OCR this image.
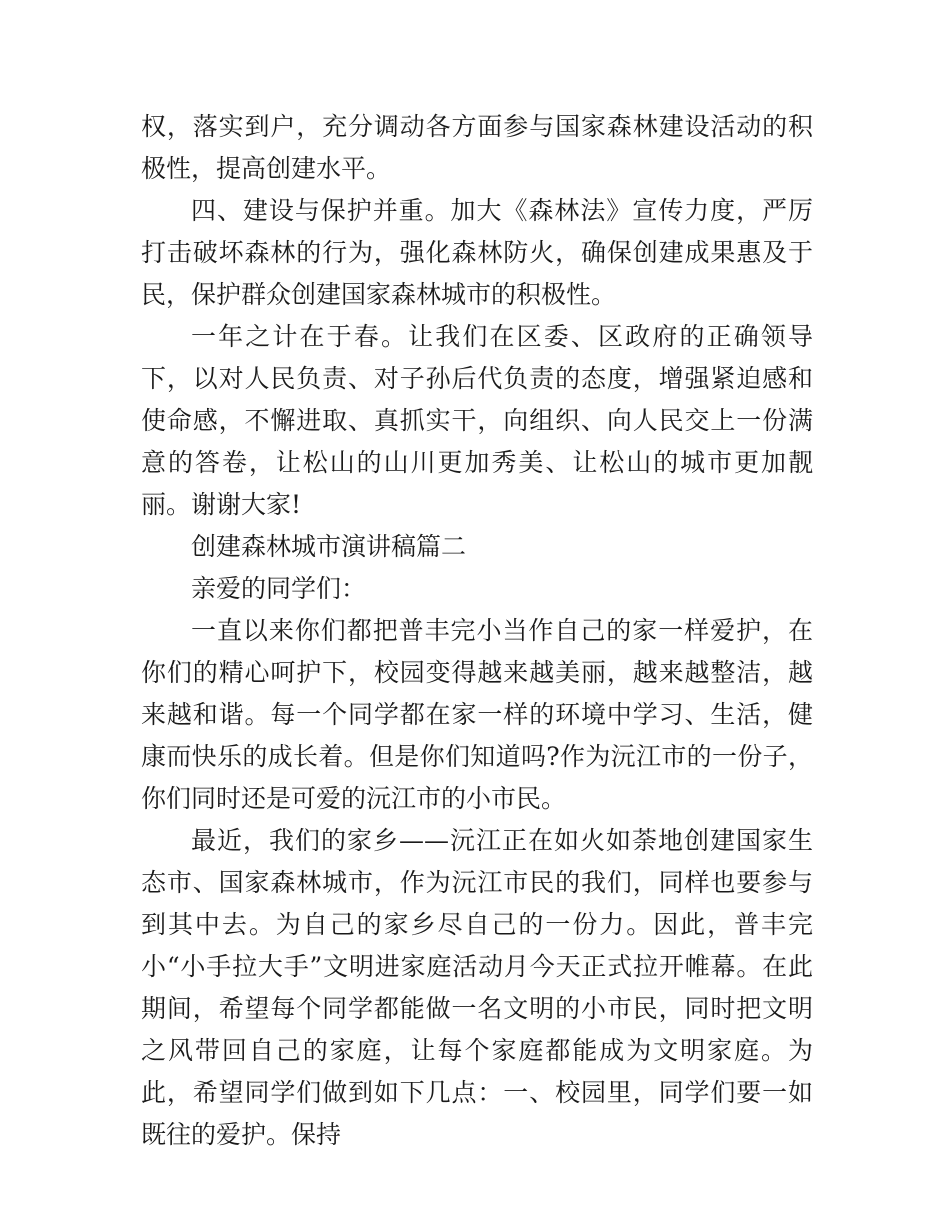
权，落实到户，充分调动各方面参与国家森林建设活动的积极性，提高创建水平。

四、建设与保护并重。加大《森林法》宣传力度，严厉打击破坏森林的行为，强化森林防火，确保创建成果惠及于民，保护群众创建国家森林城市的积极性。

一年之计在于春。让我们在区委、区政府的正确领导下，以对人民负责、对子孙后代负责的态度，增强紧迫感和使命感，不懈进取、真抓实干，向组织、向人民交上一份满意的答卷，让松山的山川更加秀美、让松山的城市更加靓丽。谢谢大家!

创建森林城市演讲稿篇二

亲爱的同学们：

一直以来你们都把普丰完小当作自己的家一样爱护，在你们的精心呵护下，校园变得越来越美丽，越来越整洁，越来越和谐。每一个同学都在家一样的环境中学习、生活，健康而快乐的成长着。但是你们知道吗?作为沅江市的一份子，你们同时还是可爱的沅江市的小市民。

最近，我们的家乡——沅江正在如火如荼地创建国家生态市、国家森林城市，作为沅江市民的我们，同样也要参与到其中去。为自己的家乡尽自己的一份力。因此，普丰完小“小手拉大手”文明进家庭活动月今天正式拉开帷幕。在此期间，希望每个同学都能做一名文明的小市民，同时把文明之风带回自己的家庭，让每个家庭都能成为文明家庭。为此，希望同学们做到如下几点：一、校园里，同学们要一如既往的爱护。保持
